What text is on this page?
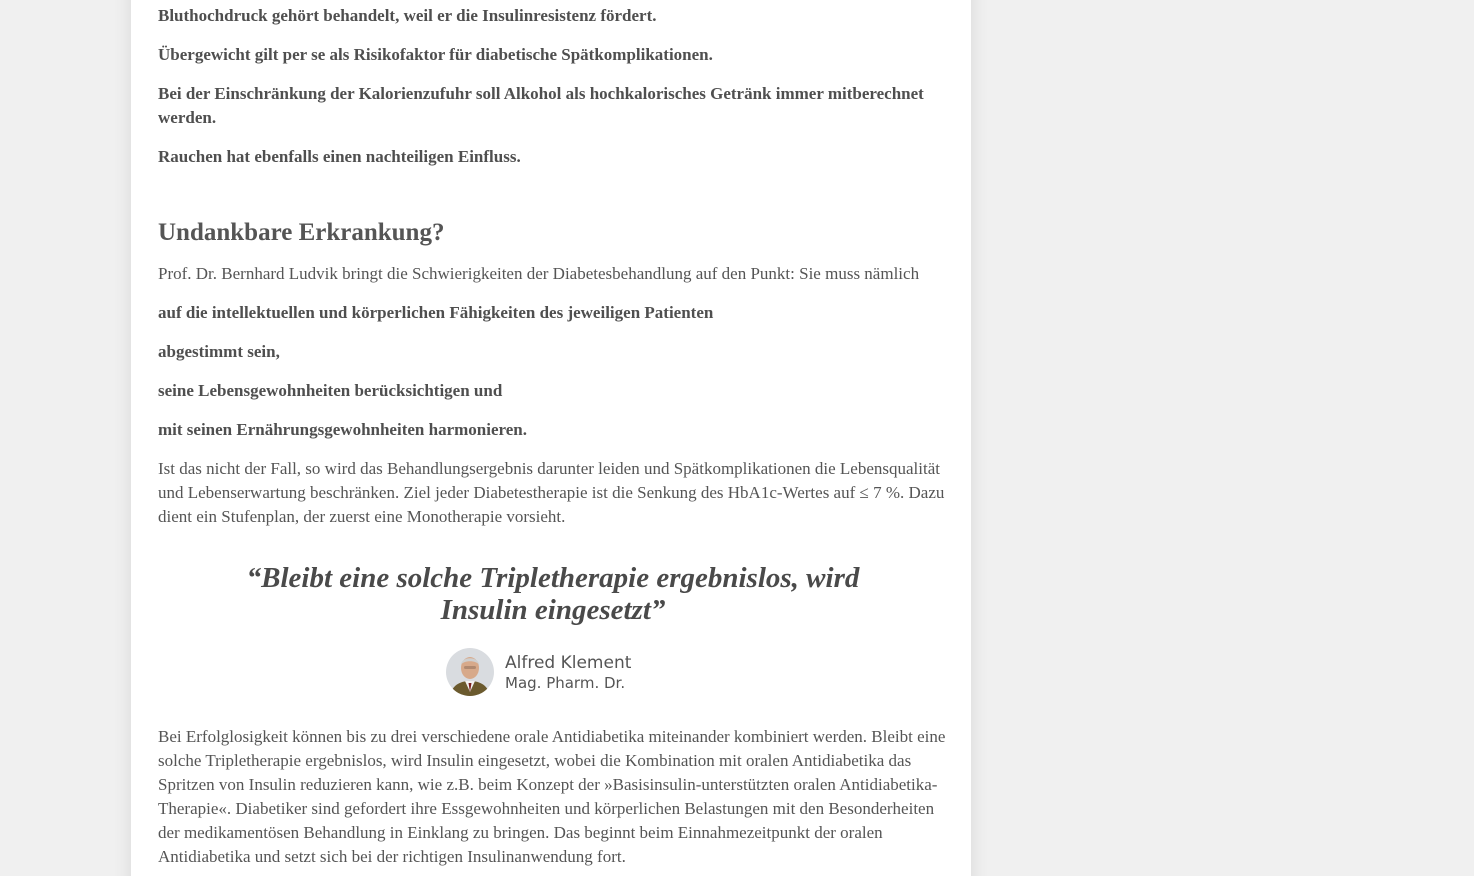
Bluthochdruck gehört behandelt, weil er die Insulinresistenz fördert.

Übergewicht gilt per se als Risikofaktor für diabetische Spätkomplikationen.

Bei der Einschränkung der Kalorienzufuhr soll Alkohol als hochkalorisches Getränk immer mitberechnet werden.

Rauchen hat ebenfalls einen nachteiligen Einfluss.

Undankbare Erkrankung?

Prof. Dr. Bernhard Ludvik bringt die Schwierigkeiten der Diabetesbehandlung auf den Punkt: Sie muss nämlich

auf die intellektuellen und körperlichen Fähigkeiten des jeweiligen Patienten

abgestimmt sein,

seine Lebensgewohnheiten berücksichtigen und

mit seinen Ernährungsgewohnheiten harmonieren.

Ist das nicht der Fall, so wird das Behandlungsergebnis darunter leiden und Spätkomplikationen die Lebensqualität und Lebenserwartung beschränken. Ziel jeder Diabetestherapie ist die Senkung des HbA1c-Wertes auf ≤ 7 %. Dazu dient ein Stufenplan, der zuerst eine Monotherapie vorsieht.

“Bleibt eine solche Tripletherapie ergebnislos, wird Insulin eingesetzt”
Alfred Klement
Mag. Pharm. Dr.

Bei Erfolglosigkeit können bis zu drei verschiedene orale Antidiabetika miteinander kombiniert werden. Bleibt eine solche Tripletherapie ergebnislos, wird Insulin eingesetzt, wobei die Kombination mit oralen Antidiabetika das Spritzen von Insulin reduzieren kann, wie z.B. beim Konzept der »Basisinsulin-unterstützten oralen Antidiabetika-Therapie«. Diabetiker sind gefordert ihre Essgewohnheiten und körperlichen Belastungen mit den Besonderheiten der medikamentösen Behandlung in Einklang zu bringen. Das beginnt beim Einnahmezeitpunkt der oralen Antidiabetika und setzt sich bei der richtigen Insulinanwendung fort.
